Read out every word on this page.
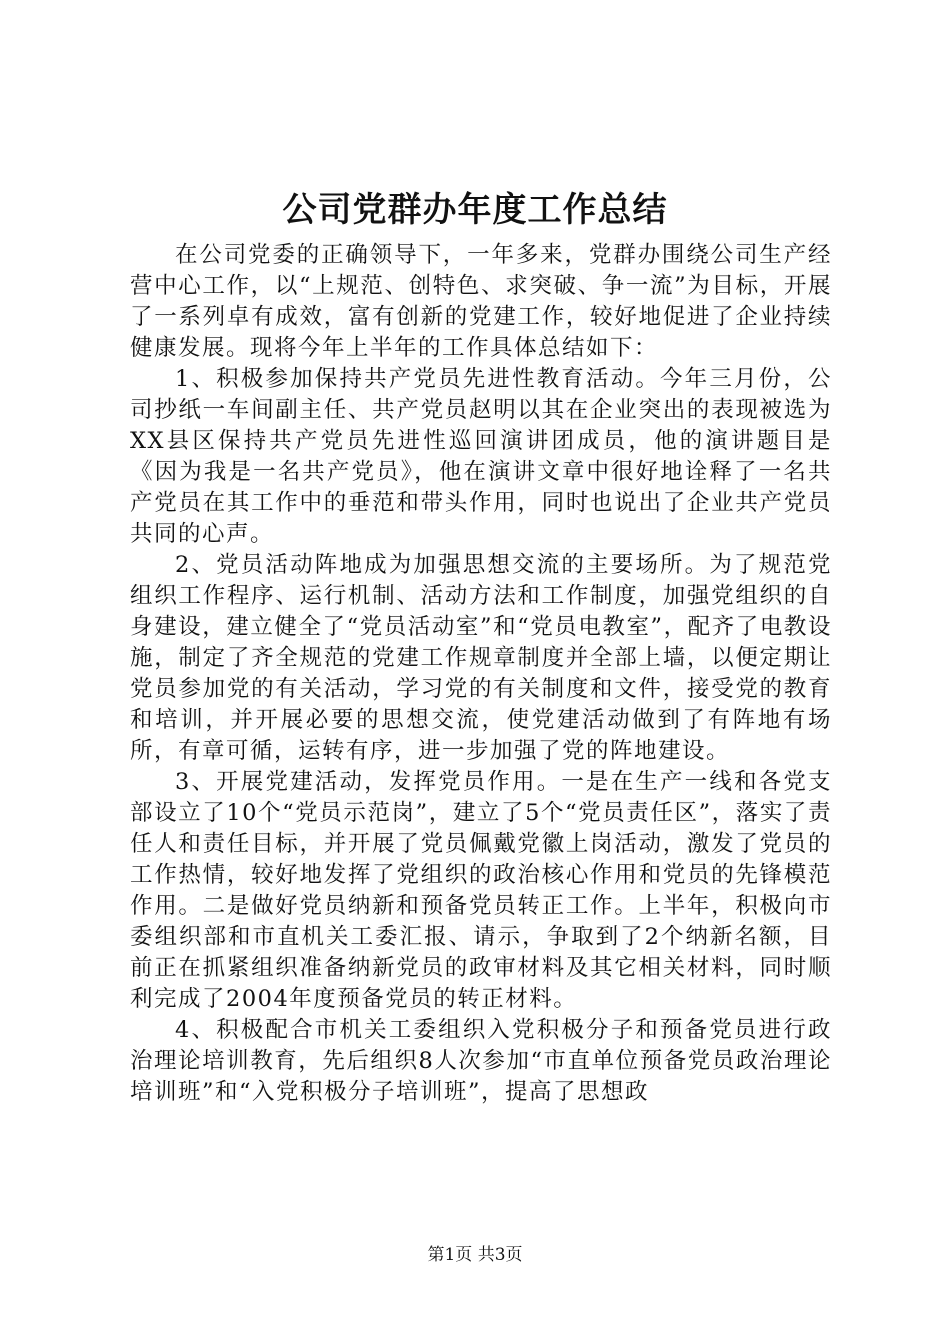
公司党群办年度工作总结

在公司党委的正确领导下，一年多来，党群办围绕公司生产经营中心工作，以“上规范、创特色、求突破、争一流”为目标，开展了一系列卓有成效，富有创新的党建工作，较好地促进了企业持续健康发展。现将今年上半年的工作具体总结如下：

1、积极参加保持共产党员先进性教育活动。今年三月份，公司抄纸一车间副主任、共产党员赵明以其在企业突出的表现被选为XX县区保持共产党员先进性巡回演讲团成员，他的演讲题目是《因为我是一名共产党员》，他在演讲文章中很好地诠释了一名共产党员在其工作中的垂范和带头作用，同时也说出了企业共产党员共同的心声。

2、党员活动阵地成为加强思想交流的主要场所。为了规范党组织工作程序、运行机制、活动方法和工作制度，加强党组织的自身建设，建立健全了“党员活动室”和“党员电教室”，配齐了电教设施，制定了齐全规范的党建工作规章制度并全部上墙，以便定期让党员参加党的有关活动，学习党的有关制度和文件，接受党的教育和培训，并开展必要的思想交流，使党建活动做到了有阵地有场所，有章可循，运转有序，进一步加强了党的阵地建设。

3、开展党建活动，发挥党员作用。一是在生产一线和各党支部设立了10个“党员示范岗”，建立了5个“党员责任区”，落实了责任人和责任目标，并开展了党员佩戴党徽上岗活动，激发了党员的工作热情，较好地发挥了党组织的政治核心作用和党员的先锋模范作用。二是做好党员纳新和预备党员转正工作。上半年，积极向市委组织部和市直机关工委汇报、请示，争取到了2个纳新名额，目前正在抓紧组织准备纳新党员的政审材料及其它相关材料，同时顺利完成了2004年度预备党员的转正材料。

4、积极配合市机关工委组织入党积极分子和预备党员进行政治理论培训教育，先后组织8人次参加“市直单位预备党员政治理论培训班”和“入党积极分子培训班”，提高了思想政

第1页 共3页
